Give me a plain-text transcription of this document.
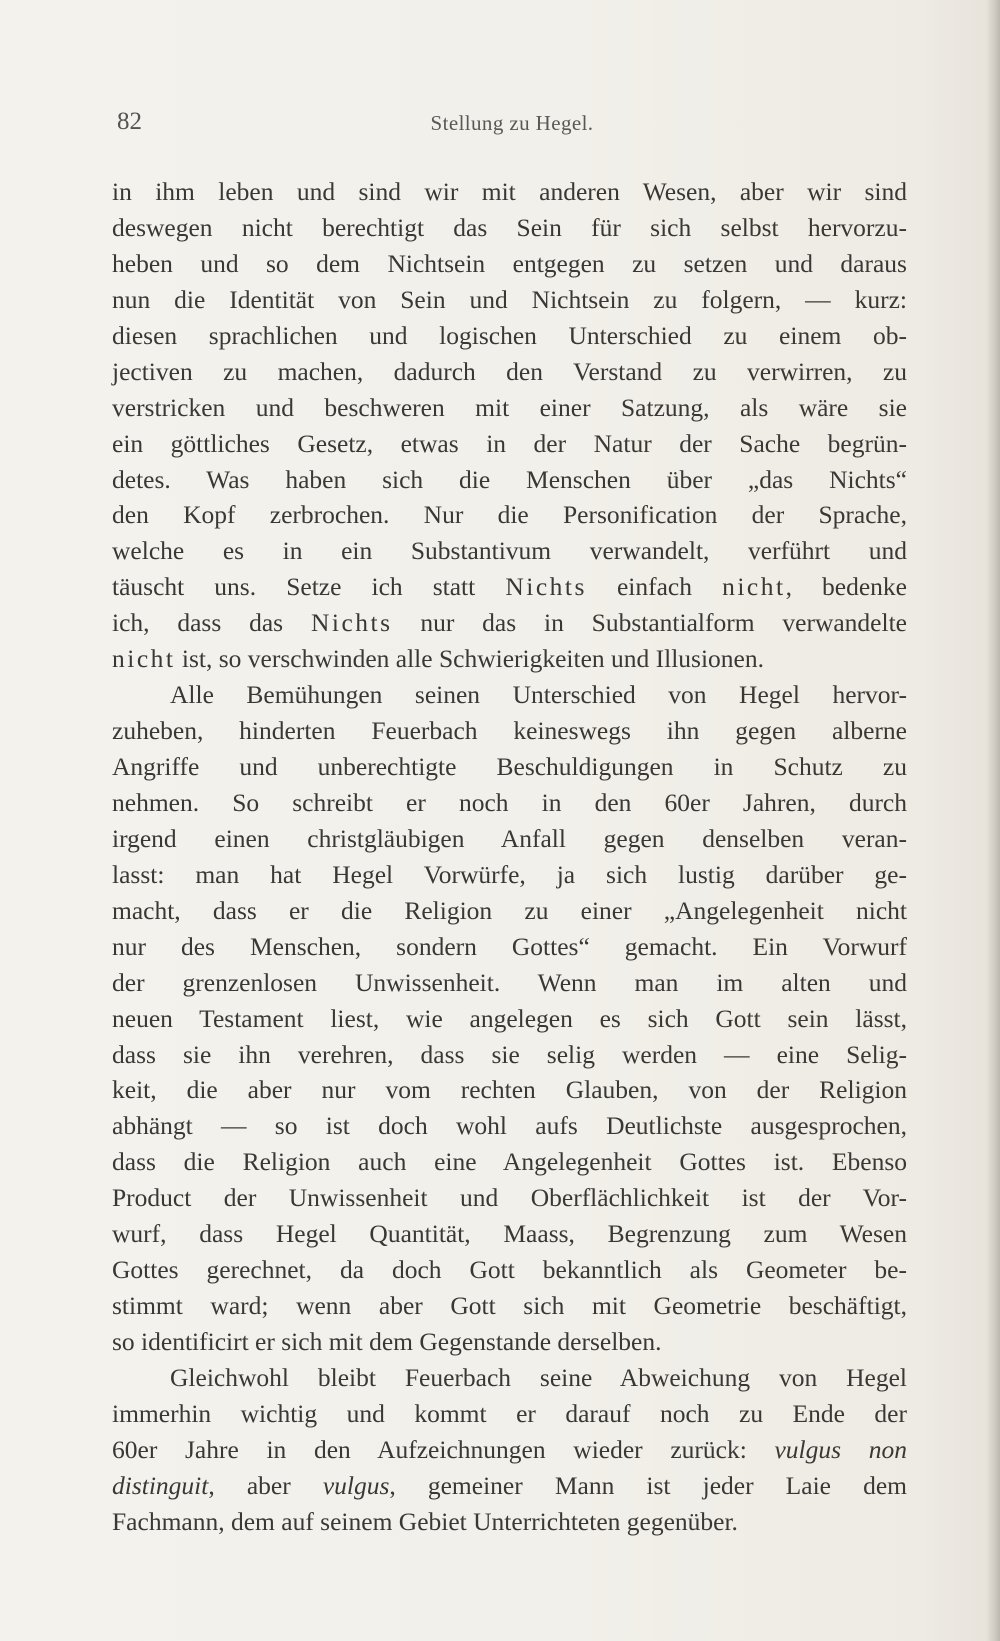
82	Stellung zu Hegel.
in ihm leben und sind wir mit anderen Wesen, aber wir sind
deswegen nicht berechtigt das Sein für sich selbst hervorzu-
heben und so dem Nichtsein entgegen zu setzen und daraus
nun die Identität von Sein und Nichtsein zu folgern, — kurz:
diesen sprachlichen und logischen Unterschied zu einem ob-
jectiven zu machen, dadurch den Verstand zu verwirren, zu
verstricken und beschweren mit einer Satzung, als wäre sie
ein göttliches Gesetz, etwas in der Natur der Sache begrün-
detes. Was haben sich die Menschen über „das Nichts“
den Kopf zerbrochen. Nur die Personification der Sprache,
welche es in ein Substantivum verwandelt, verführt und
täuscht uns. Setze ich statt Nichts einfach nicht, bedenke
ich, dass das Nichts nur das in Substantialform verwandelte
nicht ist, so verschwinden alle Schwierigkeiten und Illusionen.
Alle Bemühungen seinen Unterschied von Hegel hervor-
zuheben, hinderten Feuerbach keineswegs ihn gegen alberne
Angriffe und unberechtigte Beschuldigungen in Schutz zu
nehmen. So schreibt er noch in den 60er Jahren, durch
irgend einen christgläubigen Anfall gegen denselben veran-
lasst: man hat Hegel Vorwürfe, ja sich lustig darüber ge-
macht, dass er die Religion zu einer „Angelegenheit nicht
nur des Menschen, sondern Gottes“ gemacht. Ein Vorwurf
der grenzenlosen Unwissenheit. Wenn man im alten und
neuen Testament liest, wie angelegen es sich Gott sein lässt,
dass sie ihn verehren, dass sie selig werden — eine Selig-
keit, die aber nur vom rechten Glauben, von der Religion
abhängt — so ist doch wohl aufs Deutlichste ausgesprochen,
dass die Religion auch eine Angelegenheit Gottes ist. Ebenso
Product der Unwissenheit und Oberflächlichkeit ist der Vor-
wurf, dass Hegel Quantität, Maass, Begrenzung zum Wesen
Gottes gerechnet, da doch Gott bekanntlich als Geometer be-
stimmt ward; wenn aber Gott sich mit Geometrie beschäftigt,
so identificirt er sich mit dem Gegenstande derselben.
Gleichwohl bleibt Feuerbach seine Abweichung von Hegel
immerhin wichtig und kommt er darauf noch zu Ende der
60er Jahre in den Aufzeichnungen wieder zurück: vulgus non
distinguit, aber vulgus, gemeiner Mann ist jeder Laie dem
Fachmann, dem auf seinem Gebiet Unterrichteten gegenüber.
